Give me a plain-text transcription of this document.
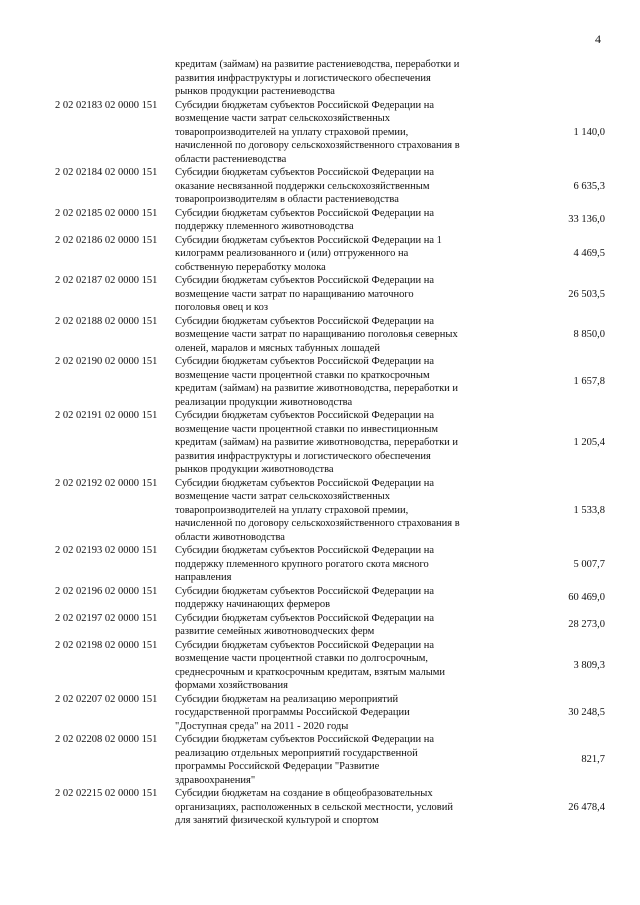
4
кредитам (займам) на развитие растениеводства, переработки и
развития инфраструктуры и логистического обеспечения
рынков продукции растениеводства
2 02 02183 02 0000 151	Субсидии бюджетам субъектов Российской Федерации на
возмещение части затрат сельскохозяйственных
товаропроизводителей на уплату страховой премии,
начисленной по договору сельскохозяйственного страхования в
области растениеводства
1 140,0
2 02 02184 02 0000 151	Субсидии бюджетам субъектов Российской Федерации на
оказание несвязанной поддержки сельскохозяйственным
товаропроизводителям в области растениеводства
6 635,3
2 02 02185 02 0000 151	Субсидии бюджетам субъектов Российской Федерации на
поддержку племенного животноводства
33 136,0
2 02 02186 02 0000 151	Субсидии бюджетам субъектов Российской Федерации на 1
килограмм реализованного и (или) отгруженного на
собственную переработку молока
4 469,5
2 02 02187 02 0000 151	Субсидии бюджетам субъектов Российской Федерации на
возмещение части затрат по наращиванию маточного
поголовья овец и коз
26 503,5
2 02 02188 02 0000 151	Субсидии бюджетам субъектов Российской Федерации на
возмещение части затрат по наращиванию поголовья северных
оленей, маралов и мясных табунных лошадей
8 850,0
2 02 02190 02 0000 151	Субсидии бюджетам субъектов Российской Федерации на
возмещение части процентной ставки по краткосрочным
кредитам (займам) на развитие животноводства, переработки и
реализации продукции животноводства
1 657,8
2 02 02191 02 0000 151	Субсидии бюджетам субъектов Российской Федерации на
возмещение части процентной ставки по инвестиционным
кредитам (займам) на развитие животноводства, переработки и
развития инфраструктуры и логистического обеспечения
рынков продукции животноводства
1 205,4
2 02 02192 02 0000 151	Субсидии бюджетам субъектов Российской Федерации на
возмещение части затрат сельскохозяйственных
товаропроизводителей на уплату страховой премии,
начисленной по договору сельскохозяйственного страхования в
области животноводства
1 533,8
2 02 02193 02 0000 151	Субсидии бюджетам субъектов Российской Федерации на
поддержку племенного крупного рогатого скота мясного
направления
5 007,7
2 02 02196 02 0000 151	Субсидии бюджетам субъектов Российской Федерации на
поддержку начинающих фермеров
60 469,0
2 02 02197 02 0000 151	Субсидии бюджетам субъектов Российской Федерации на
развитие семейных животноводческих ферм
28 273,0
2 02 02198 02 0000 151	Субсидии бюджетам субъектов Российской Федерации на
возмещение части процентной ставки по долгосрочным,
среднесрочным и краткосрочным кредитам, взятым малыми
формами хозяйствования
3 809,3
2 02 02207 02 0000 151	Субсидии бюджетам на реализацию мероприятий
государственной программы Российской Федерации
"Доступная среда" на 2011 - 2020 годы
30 248,5
2 02 02208 02 0000 151	Субсидии бюджетам субъектов Российской Федерации на
реализацию отдельных мероприятий государственной
программы Российской Федерации "Развитие
здравоохранения"
821,7
2 02 02215 02 0000 151	Субсидии бюджетам на создание в общеобразовательных
организациях, расположенных в сельской местности, условий
для занятий физической культурой и спортом
26 478,4
